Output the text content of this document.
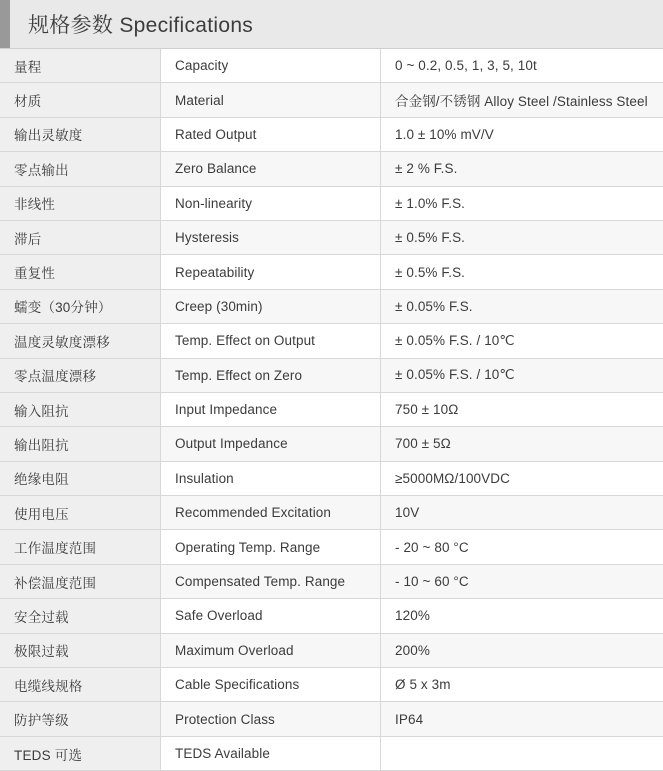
规格参数 Specifications
量程	Capacity	0 ~ 0.2, 0.5, 1, 3, 5, 10t
材质	Material	合金钢/不锈钢 Alloy Steel /Stainless Steel
输出灵敏度	Rated Output	1.0 ± 10% mV/V
零点输出	Zero Balance	± 2 % F.S.
非线性	Non-linearity	± 1.0% F.S.
滞后	Hysteresis	± 0.5% F.S.
重复性	Repeatability	± 0.5% F.S.
蠕变（30分钟）	Creep (30min)	± 0.05% F.S.
温度灵敏度漂移	Temp. Effect on Output	± 0.05% F.S. / 10℃
零点温度漂移	Temp. Effect on Zero	± 0.05% F.S. / 10℃
输入阻抗	Input Impedance	750 ± 10Ω
输出阻抗	Output Impedance	700 ± 5Ω
绝缘电阻	Insulation	≥5000MΩ/100VDC
使用电压	Recommended Excitation	10V
工作温度范围	Operating Temp. Range	- 20 ~ 80 °C
补偿温度范围	Compensated Temp. Range	- 10 ~ 60 °C
安全过载	Safe Overload	120%
极限过载	Maximum Overload	200%
电缆线规格	Cable Specifications	Ø 5 x 3m
防护等级	Protection Class	IP64
TEDS 可选	TEDS Available	
